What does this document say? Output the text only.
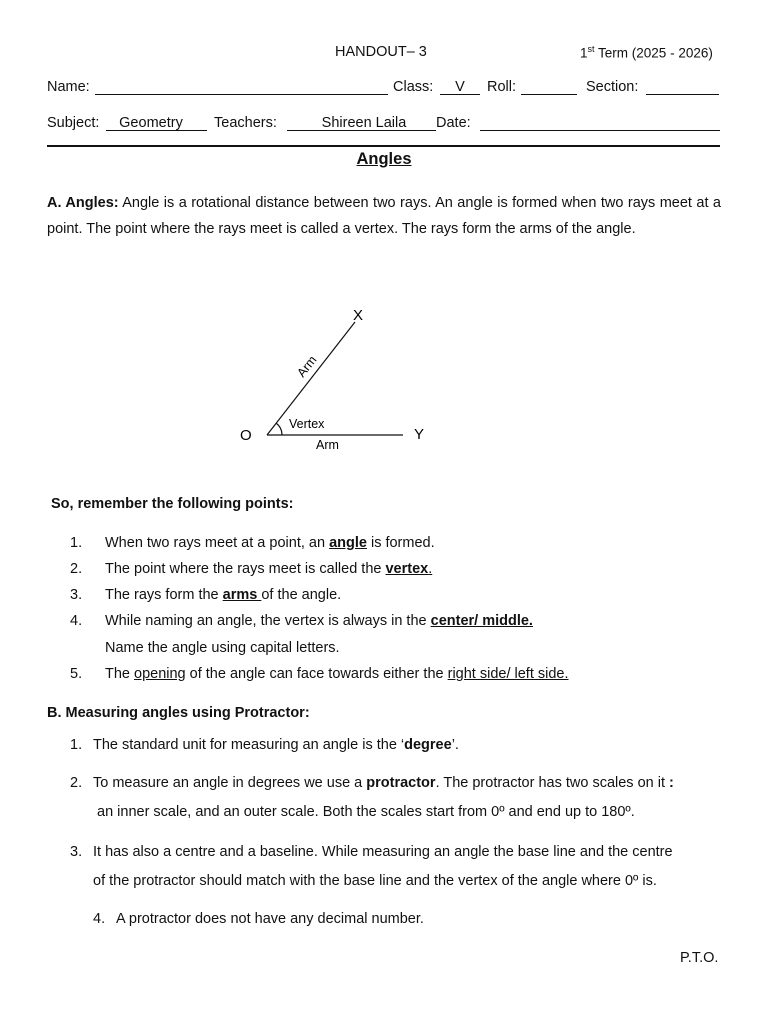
HANDOUT– 3	1st Term (2025 - 2026)
Name:	Class:	V	Roll:	Section:
Subject:	Geometry	Teachers:	Shireen Laila	Date:
Angles
A. Angles: Angle is a rotational distance between two rays. An angle is formed when two rays meet at a point. The point where the rays meet is called a vertex. The rays form the arms of the angle.
X
O	Y
Arm
Vertex
Arm
So, remember the following points:
1. When two rays meet at a point, an angle is formed.
2. The point where the rays meet is called the vertex.
3. The rays form the arms of the angle.
4. While naming an angle, the vertex is always in the center/ middle.
Name the angle using capital letters.
5. The opening of the angle can face towards either the right side/ left side.
B. Measuring angles using Protractor:
1. The standard unit for measuring an angle is the ‘degree’.
2. To measure an angle in degrees we use a protractor. The protractor has two scales on it :
an inner scale, and an outer scale. Both the scales start from 0º and end up to 180º.
3. It has also a centre and a baseline. While measuring an angle the base line and the centre
of the protractor should match with the base line and the vertex of the angle where 0º is.
4. A protractor does not have any decimal number.
P.T.O.
